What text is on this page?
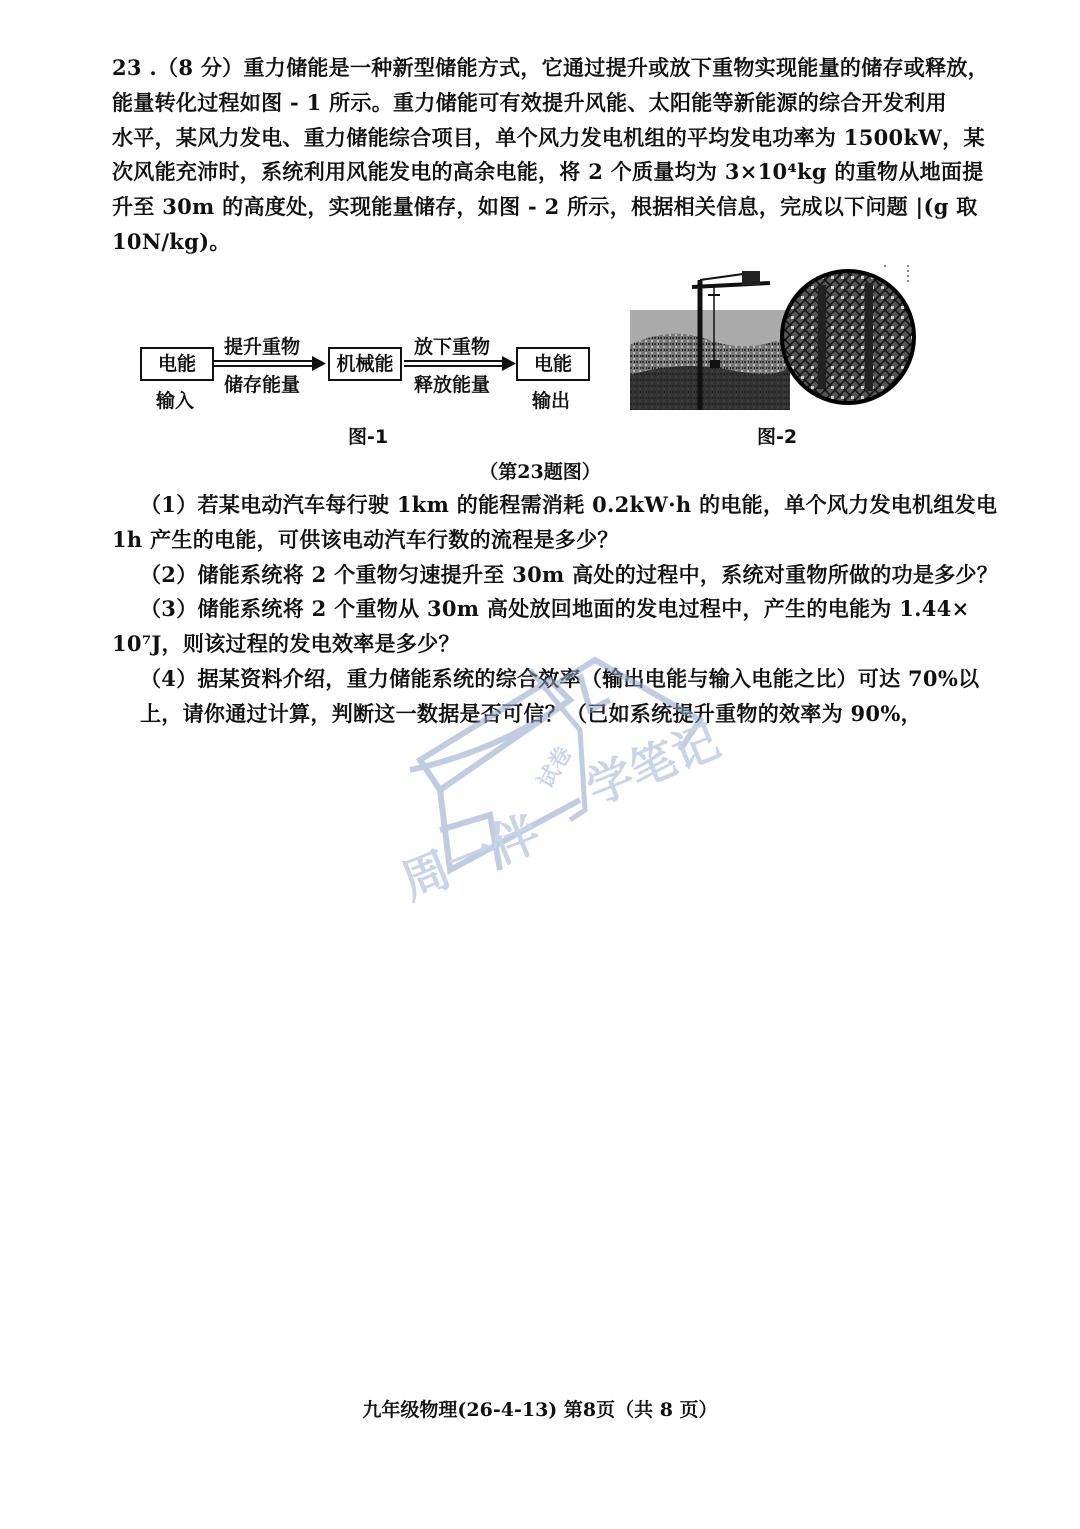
23 .（8 分）重力储能是一种新型储能方式，它通过提升或放下重物实现能量的储存或释放，
能量转化过程如图 - 1 所示。重力储能可有效提升风能、太阳能等新能源的综合开发利用
水平，某风力发电、重力储能综合项目，单个风力发电机组的平均发电功率为 1500kW，某
次风能充沛时，系统利用风能发电的高余电能，将 2 个质量均为 3×10⁴kg 的重物从地面提
升至 30m 的高度处，实现能量储存，如图 - 2 所示，根据相关信息，完成以下问题 |(g 取
10N/kg)。
电能
输入
提升重物
储存能量
机械能
放下重物
释放能量
电能
输出
图-1	图-2
（第23题图）
（1）若某电动汽车每行驶 1km 的能程需消耗 0.2kW·h 的电能，单个风力发电机组发电
1h 产生的电能，可供该电动汽车行数的流程是多少？
（2）储能系统将 2 个重物匀速提升至 30m 高处的过程中，系统对重物所做的功是多少？
（3）储能系统将 2 个重物从 30m 高处放回地面的发电过程中，产生的电能为 1.44×
10⁷J，则该过程的发电效率是多少？
（4）据某资料介绍，重力储能系统的综合效率（输出电能与输入电能之比）可达 70%以
上，请你通过计算，判断这一数据是否可信？（已如系统提升重物的效率为 90%，
周一伴
试卷 学笔记
九年级物理(26-4-13) 第8页（共 8 页）
